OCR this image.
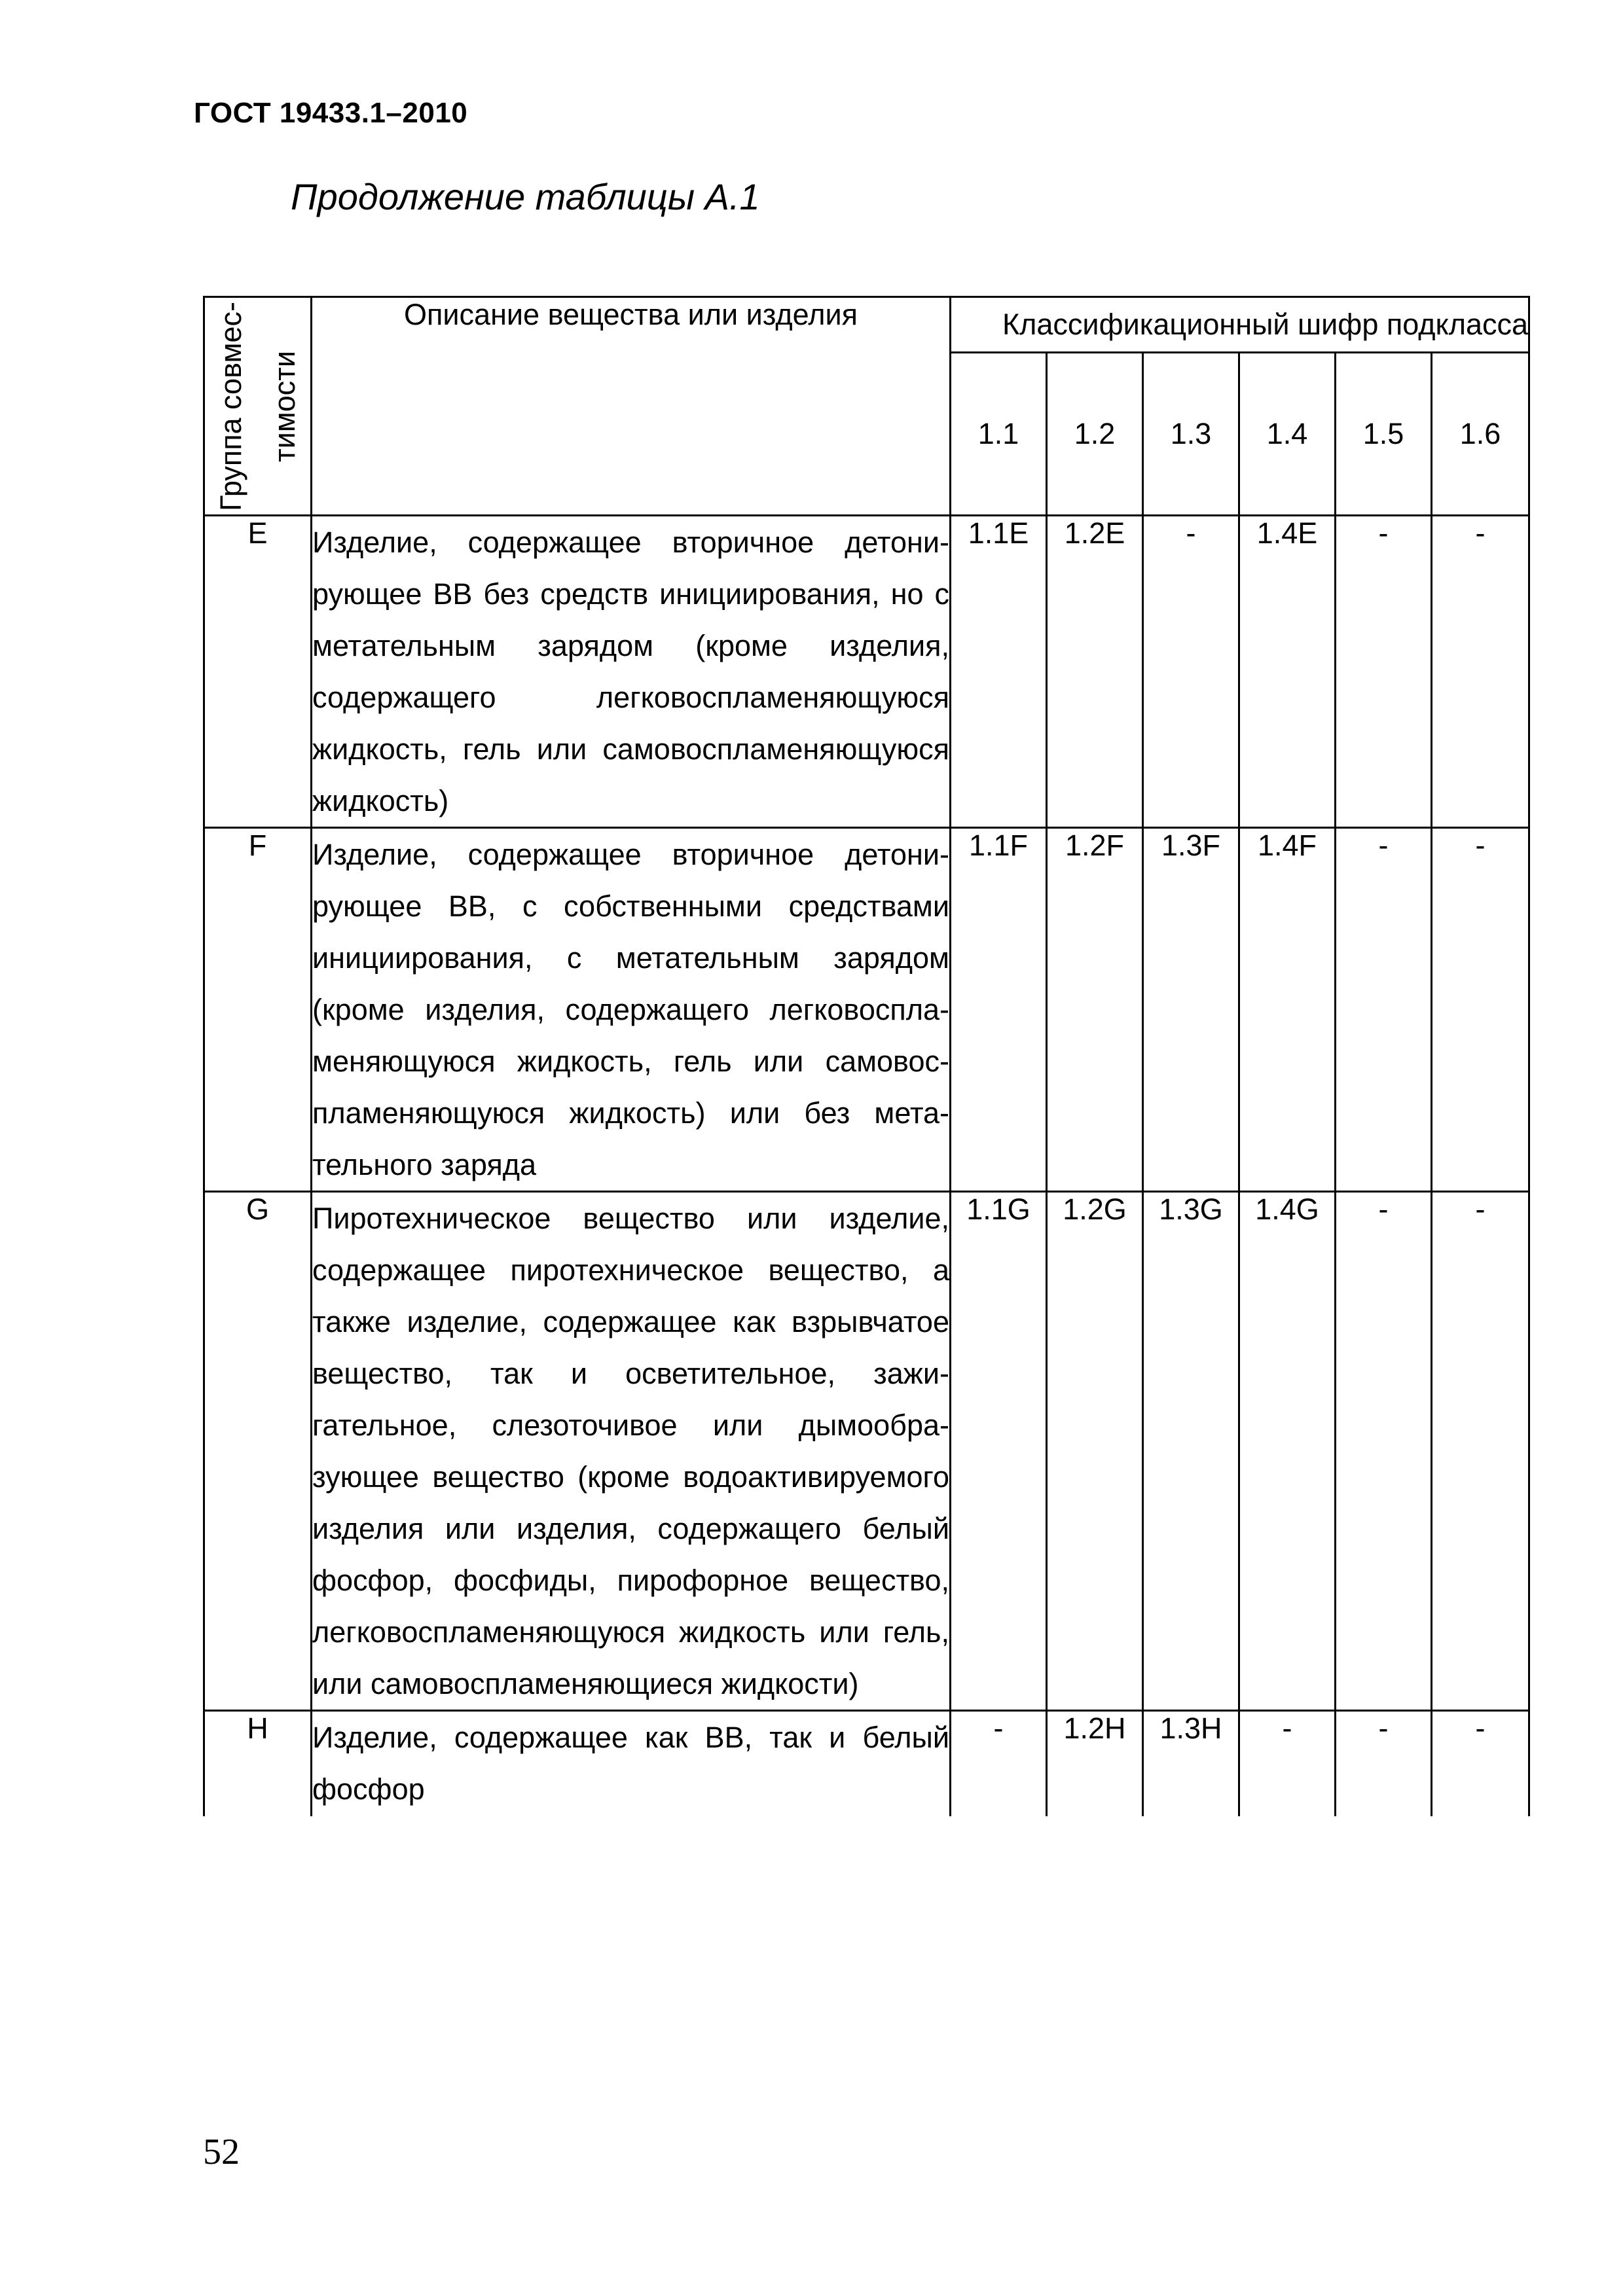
ГОСТ 19433.1–2010
Продолжение таблицы А.1
Группа совмес-тимости	Описание вещества или изделия	Классификационный шифр подкласса					
		1.1	1.2	1.3	1.4	1.5	1.6
E	Изделие, содержащее вторичное детонирующее ВВ без средств инициирования, но с метательным зарядом (кроме изделия, содержащего легковоспламеняющуюся жидкость, гель или самовоспламеняющуюся жидкость)	1.1E	1.2E	-	1.4E	-	-
F	Изделие, содержащее вторичное детонирующее ВВ, с собственными средствами инициирования, с метательным зарядом (кроме изделия, содержащего легковоспламеняющуюся жидкость, гель или самовоспламеняющуюся жидкость) или без метательного заряда	1.1F	1.2F	1.3F	1.4F	-	-
G	Пиротехническое вещество или изделие, содержащее пиротехническое вещество, а также изделие, содержащее как взрывчатое вещество, так и осветительное, зажигательное, слезоточивое или дымообразующее вещество (кроме водоактивируемого изделия или изделия, содержащего белый фосфор, фосфиды, пирофорное вещество, легковоспламеняющуюся жидкость или гель, или самовоспламеняющиеся жидкости)	1.1G	1.2G	1.3G	1.4G	-	-
H	Изделие, содержащее как ВВ, так и белый фосфор	-	1.2H	1.3H	-	-	-
52
